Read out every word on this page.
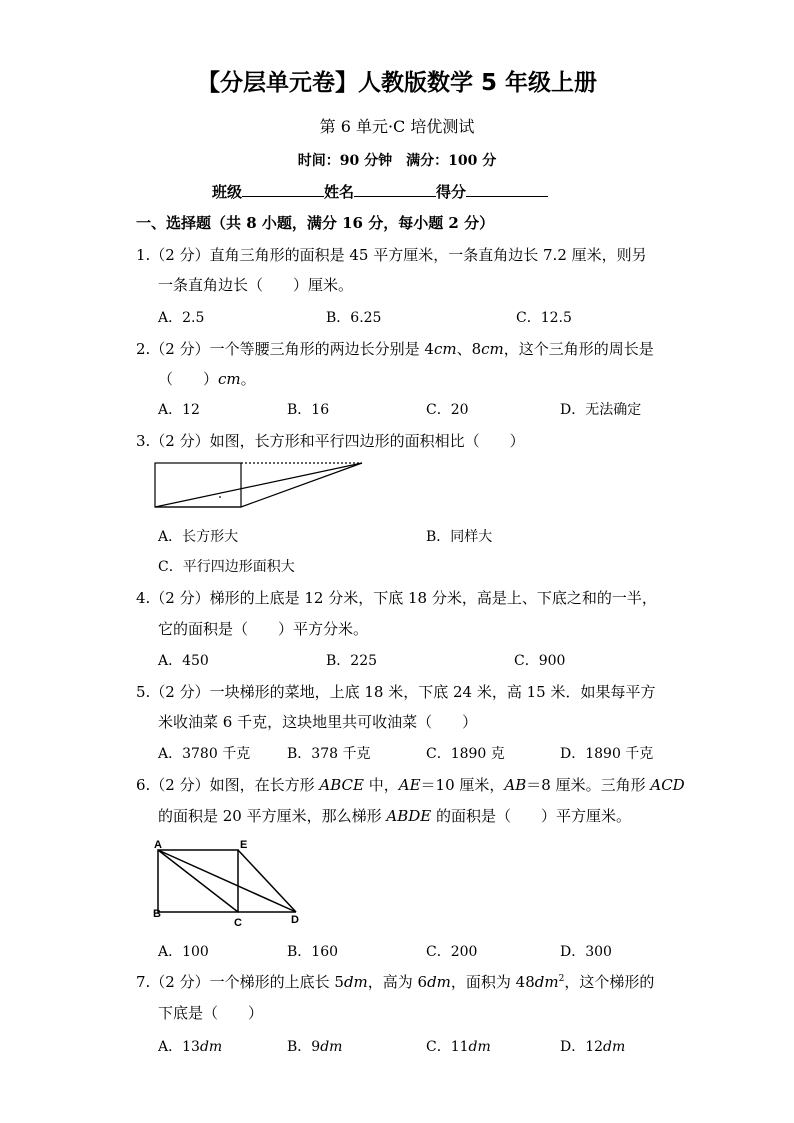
【分层单元卷】人教版数学 5 年级上册
第 6 单元·C 培优测试
时间：90 分钟　满分：100 分
班级	姓名	得分
一、选择题（共 8 小题，满分 16 分，每小题 2 分）
1.（2 分）直角三角形的面积是 45 平方厘米，一条直角边长 7.2 厘米，则另
一条直角边长（　　）厘米。
A．2.5	B．6.25	C．12.5
2.（2 分）一个等腰三角形的两边长分别是 4cm、8cm，这个三角形的周长是
（　　）cm。
A．12	B．16	C．20	D．无法确定
3.（2 分）如图，长方形和平行四边形的面积相比（　　）
A．长方形大	B．同样大
C．平行四边形面积大
4.（2 分）梯形的上底是 12 分米，下底 18 分米，高是上、下底之和的一半，
它的面积是（　　）平方分米。
A．450	B．225	C．900
5.（2 分）一块梯形的菜地，上底 18 米，下底 24 米，高 15 米．如果每平方
米收油菜 6 千克，这块地里共可收油菜（　　）
A．3780 千克	B．378 千克	C．1890 克	D．1890 千克
6.（2 分）如图，在长方形 ABCE 中，AE＝10 厘米，AB＝8 厘米。三角形 ACD
的面积是 20 平方厘米，那么梯形 ABDE 的面积是（　　）平方厘米。
A	E
B
C	D
A．100	B．160	C．200	D．300
7.（2 分）一个梯形的上底长 5dm，高为 6dm，面积为 $48dm^2$，这个梯形的
下底是（　　）
A．13dm	B．9dm	C．11dm	D．12dm
